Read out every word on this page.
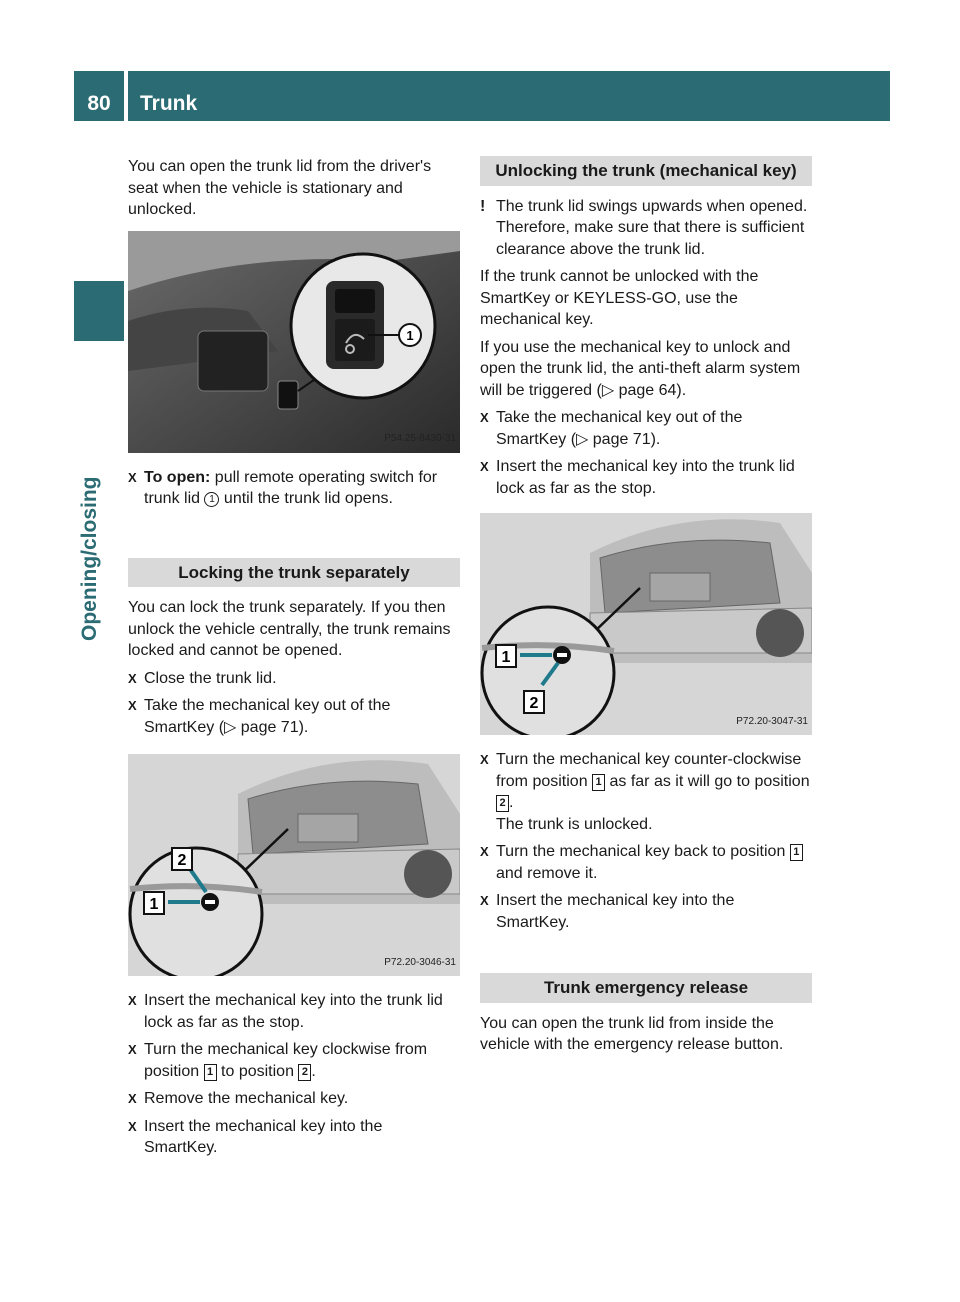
80	Trunk
Opening/closing

You can open the trunk lid from the driver's seat when the vehicle is stationary and unlocked.

1
P54.25-8430-31
X To open: pull remote operating switch for trunk lid 1 until the trunk lid opens.
Locking the trunk separately

You can lock the trunk separately. If you then unlock the vehicle centrally, the trunk remains locked and cannot be opened.

X Close the trunk lid.
X Take the mechanical key out of the SmartKey (▷ page 71).
1
2
P72.20-3046-31
X Insert the mechanical key into the trunk lid lock as far as the stop.
X Turn the mechanical key clockwise from position 1 to position 2 .
X Remove the mechanical key.
X Insert the mechanical key into the SmartKey.
Unlocking the trunk (mechanical key)
! The trunk lid swings upwards when opened. Therefore, make sure that there is sufficient clearance above the trunk lid.

If the trunk cannot be unlocked with the SmartKey or KEYLESS-GO, use the mechanical key.

If you use the mechanical key to unlock and open the trunk lid, the anti-theft alarm system will be triggered (▷ page 64).

X Take the mechanical key out of the SmartKey (▷ page 71).
X Insert the mechanical key into the trunk lid lock as far as the stop.
1
2
P72.20-3047-31
X Turn the mechanical key counter-clockwise from position 1 as far as it will go to position 2 .
The trunk is unlocked.
X Turn the mechanical key back to position 1 and remove it.
X Insert the mechanical key into the SmartKey.
Trunk emergency release

You can open the trunk lid from inside the vehicle with the emergency release button.
